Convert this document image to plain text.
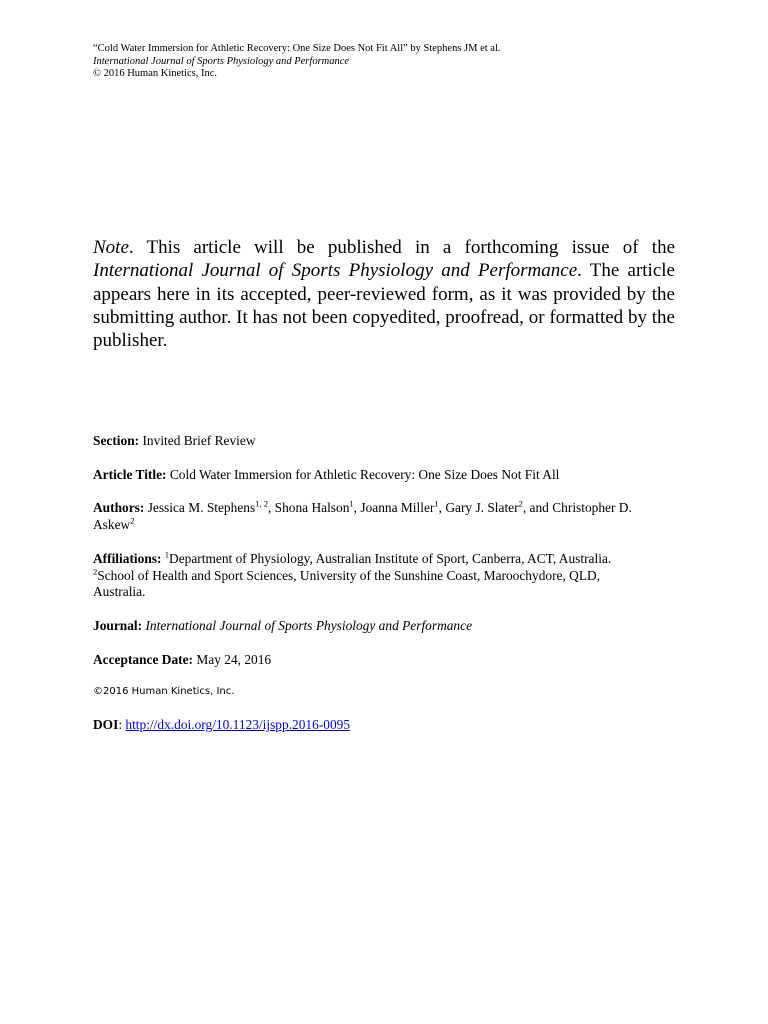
“Cold Water Immersion for Athletic Recovery: One Size Does Not Fit All” by Stephens JM et al.
International Journal of Sports Physiology and Performance
© 2016 Human Kinetics, Inc.
Note. This article will be published in a forthcoming issue of the International Journal of Sports Physiology and Performance. The article appears here in its accepted, peer-reviewed form, as it was provided by the submitting author. It has not been copyedited, proofread, or formatted by the publisher.
Section: Invited Brief Review
Article Title: Cold Water Immersion for Athletic Recovery: One Size Does Not Fit All
Authors: Jessica M. Stephens$^{1, 2}$, Shona Halson$^1$, Joanna Miller$^1$, Gary J. Slater$^2$, and Christopher D. Askew$^2$
Affiliations: $^1$Department of Physiology, Australian Institute of Sport, Canberra, ACT, Australia. $^2$School of Health and Sport Sciences, University of the Sunshine Coast, Maroochydore, QLD, Australia.
Journal: International Journal of Sports Physiology and Performance
Acceptance Date: May 24, 2016
©2016 Human Kinetics, Inc.
DOI: http://dx.doi.org/10.1123/ijspp.2016-0095
